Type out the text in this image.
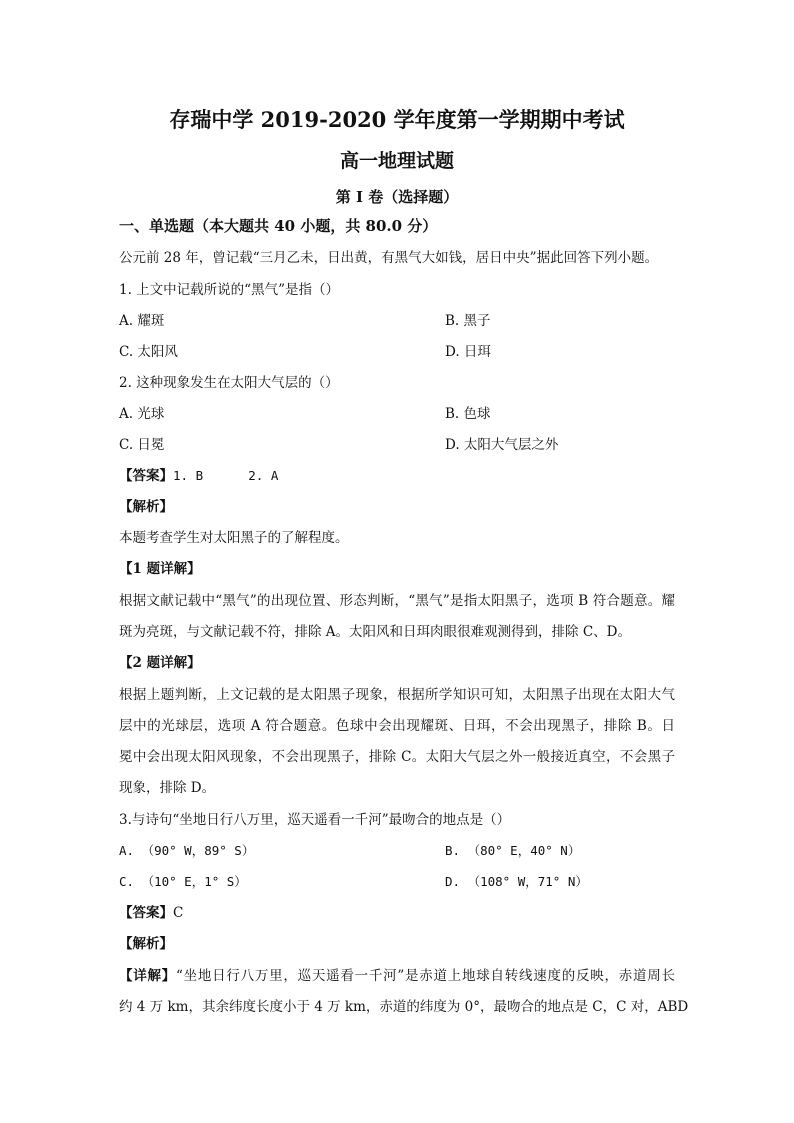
存瑞中学 2019-2020 学年度第一学期期中考试
高一地理试题
第 I 卷（选择题）
一、单选题（本大题共 40 小题，共 80.0 分）
公元前 28 年，曾记载“三月乙未，日出黄，有黑气大如钱，居日中央”据此回答下列小题。
1. 上文中记载所说的“黑气”是指（）
A. 耀斑	B. 黑子
C. 太阳风	D. 日珥
2. 这种现象发生在太阳大气层的（）
A. 光球	B. 色球
C. 日冕	D. 太阳大气层之外
【答案】1. B      2. A
【解析】
本题考查学生对太阳黑子的了解程度。
【1 题详解】
根据文献记载中“黑气”的出现位置、形态判断，“黑气”是指太阳黑子，选项 B 符合题意。耀
斑为亮斑，与文献记载不符，排除 A。太阳风和日珥肉眼很难观测得到，排除 C、D。
【2 题详解】
根据上题判断，上文记载的是太阳黑子现象，根据所学知识可知，太阳黑子出现在太阳大气
层中的光球层，选项 A 符合题意。色球中会出现耀斑、日珥，不会出现黑子，排除 B。日
冕中会出现太阳风现象，不会出现黑子，排除 C。太阳大气层之外一般接近真空，不会黑子
现象，排除 D。
3.与诗句“坐地日行八万里，巡天遥看一千河”最吻合的地点是（）
A. （90° W，89° S）	B. （80° E，40° N）
C. （10° E，1° S）	D. （108° W，71° N）
【答案】C
【解析】
【详解】“坐地日行八万里，巡天遥看一千河”是赤道上地球自转线速度的反映，赤道周长
约 4 万 km，其余纬度长度小于 4 万 km，赤道的纬度为 0°，最吻合的地点是 C，C 对，ABD
